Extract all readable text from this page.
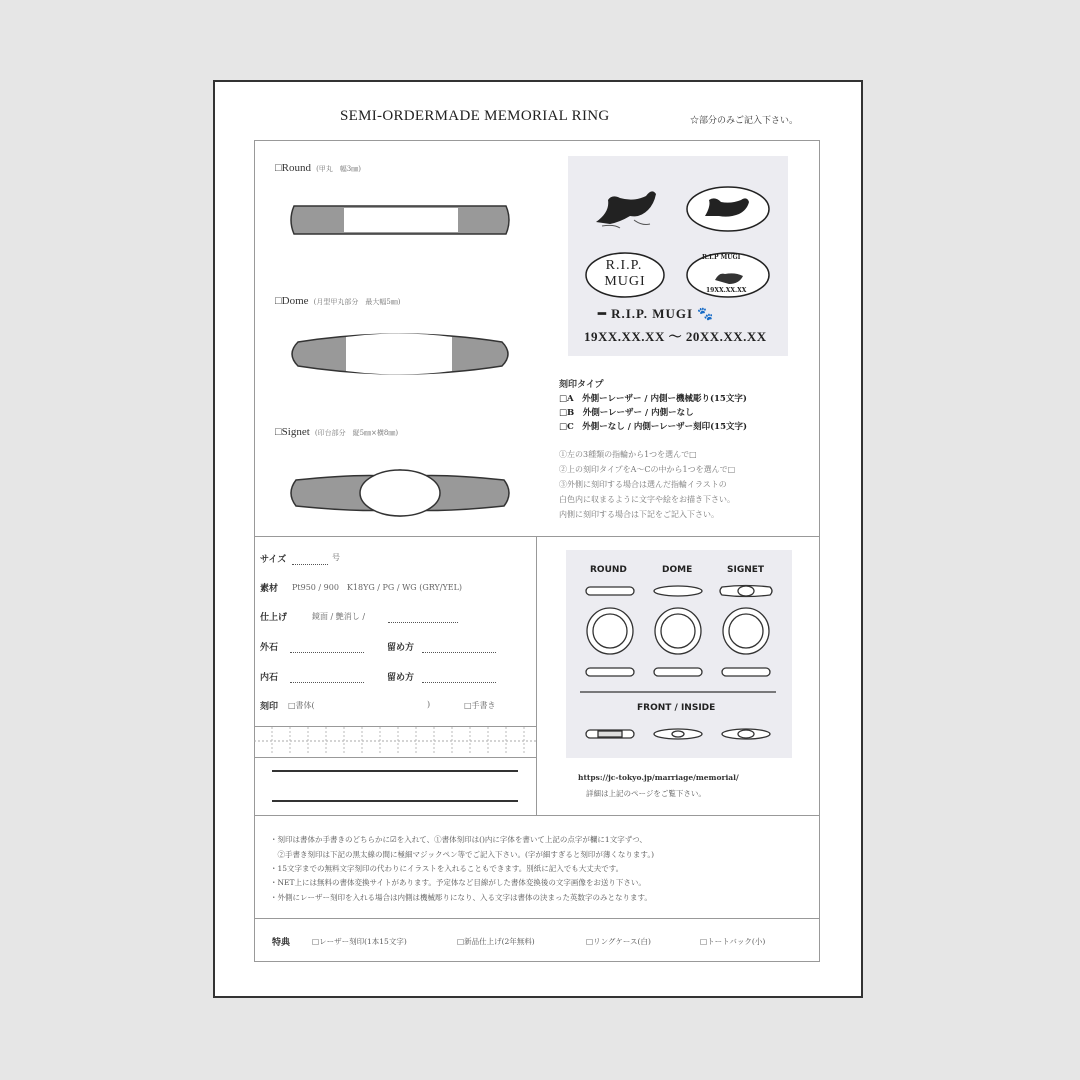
SEMI-ORDERMADE MEMORIAL RING	☆部分のみご記入下さい。
□Round (甲丸　幅3㎜)
□Dome (月型甲丸部分　最大幅5㎜)
□Signet (印台部分　縦5㎜×横8㎜)
R.I.P.
MUGI
R.I.P MUGI
19XX.XX.XX
━ R.I.P. MUGI 🐾
19XX.XX.XX 〜 20XX.XX.XX
刻印タイプ
□A　外側ーレーザー / 内側ー機械彫り(15文字)
□B　外側ーレーザー / 内側ーなし
□C　外側ーなし / 内側ーレーザー刻印(15文字)
①左の3種類の指輪から1つを選んで□
②上の刻印タイプをA〜Cの中から1つを選んで□
③外側に刻印する場合は選んだ指輪イラストの
白色内に収まるように文字や絵をお描き下さい。
内側に刻印する場合は下記をご記入下さい。
サイズ	号
素材 Pt950 / 900　K18YG / PG / WG (GRY/YEL)
仕上げ	鏡面 / 艶消し /
外石	留め方
内石	留め方
刻印 □書体(	)	□手書き
ROUND	DOME	SIGNET
FRONT / INSIDE
https://jc-tokyo.jp/marriage/memorial/
詳細は上記のページをご覧下さい。
・刻印は書体か手書きのどちらかに☑を入れて、①書体刻印は()内に字体を書いて上記の点字が欄に1文字ずつ、
　②手書き刻印は下記の黒太線の間に極細マジックペン等でご記入下さい。(字が細すぎると刻印が薄くなります。)
・15文字までの無料文字刻印の代わりにイラストを入れることもできます。別紙に記入でも大丈夫です。
・NET上には無料の書体変換サイトがあります。予定体など目線がした書体変換後の文字画像をお送り下さい。
・外側にレーザー刻印を入れる場合は内側は機械彫りになり、入る文字は書体の決まった英数字のみとなります。
特典	□レーザー刻印(1本15文字)	□新品仕上げ(2年無料)	□リングケース(白)	□トートバック(小)
